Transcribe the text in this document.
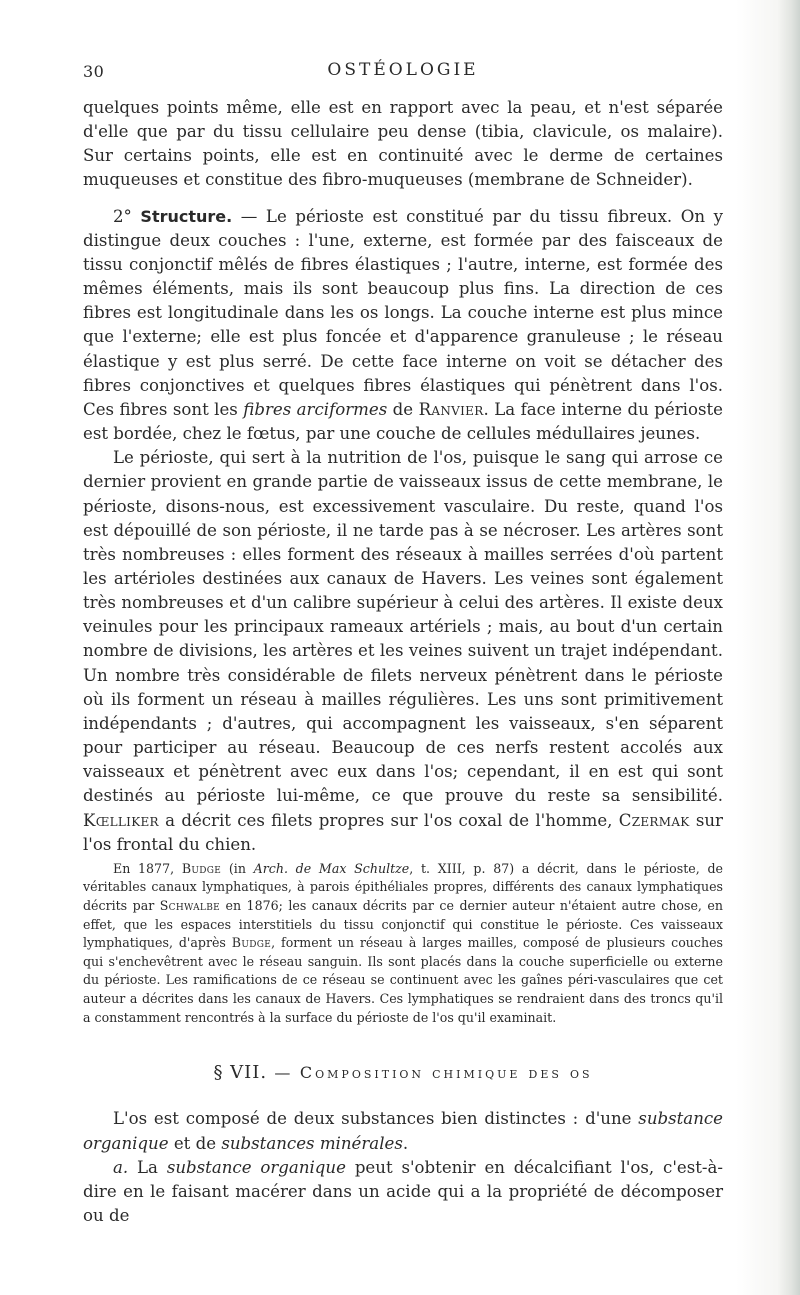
30	OSTÉOLOGIE

quelques points même, elle est en rapport avec la peau, et n'est séparée d'elle que par du tissu cellulaire peu dense (tibia, clavicule, os malaire). Sur certains points, elle est en continuité avec le derme de certaines muqueuses et constitue des fibro-muqueuses (membrane de Schneider).

2° Structure. — Le périoste est constitué par du tissu fibreux. On y distingue deux couches : l'une, externe, est formée par des faisceaux de tissu conjonctif mêlés de fibres élastiques ; l'autre, interne, est formée des mêmes éléments, mais ils sont beaucoup plus fins. La direction de ces fibres est longitudinale dans les os longs. La couche interne est plus mince que l'externe; elle est plus foncée et d'apparence granuleuse ; le réseau élastique y est plus serré. De cette face interne on voit se détacher des fibres conjonctives et quelques fibres élastiques qui pénètrent dans l'os. Ces fibres sont les fibres arciformes de Ranvier. La face interne du périoste est bordée, chez le fœtus, par une couche de cellules médullaires jeunes.

Le périoste, qui sert à la nutrition de l'os, puisque le sang qui arrose ce dernier provient en grande partie de vaisseaux issus de cette membrane, le périoste, disons-nous, est excessivement vasculaire. Du reste, quand l'os est dépouillé de son périoste, il ne tarde pas à se nécroser. Les artères sont très nombreuses : elles forment des réseaux à mailles serrées d'où partent les artérioles destinées aux canaux de Havers. Les veines sont également très nombreuses et d'un calibre supérieur à celui des artères. Il existe deux veinules pour les principaux rameaux artériels ; mais, au bout d'un certain nombre de divisions, les artères et les veines suivent un trajet indépendant. Un nombre très considérable de filets nerveux pénètrent dans le périoste où ils forment un réseau à mailles régulières. Les uns sont primitivement indépendants ; d'autres, qui accompagnent les vaisseaux, s'en séparent pour participer au réseau. Beaucoup de ces nerfs restent accolés aux vaisseaux et pénètrent avec eux dans l'os; cependant, il en est qui sont destinés au périoste lui-même, ce que prouve du reste sa sensibilité. Kœlliker a décrit ces filets propres sur l'os coxal de l'homme, Czermak sur l'os frontal du chien.

En 1877, Budge (in Arch. de Max Schultze, t. XIII, p. 87) a décrit, dans le périoste, de véritables canaux lymphatiques, à parois épithéliales propres, différents des canaux lymphatiques décrits par Schwalbe en 1876; les canaux décrits par ce dernier auteur n'étaient autre chose, en effet, que les espaces interstitiels du tissu conjonctif qui constitue le périoste. Ces vaisseaux lymphatiques, d'après Budge, forment un réseau à larges mailles, composé de plusieurs couches qui s'enchevêtrent avec le réseau sanguin. Ils sont placés dans la couche superficielle ou externe du périoste. Les ramifications de ce réseau se continuent avec les gaînes péri-vasculaires que cet auteur a décrites dans les canaux de Havers. Ces lymphatiques se rendraient dans des troncs qu'il a constamment rencontrés à la surface du périoste de l'os qu'il examinait.

§ VII. — Composition chimique des os

L'os est composé de deux substances bien distinctes : d'une substance organique et de substances minérales.

a. La substance organique peut s'obtenir en décalcifiant l'os, c'est-à-dire en le faisant macérer dans un acide qui a la propriété de décomposer ou de
